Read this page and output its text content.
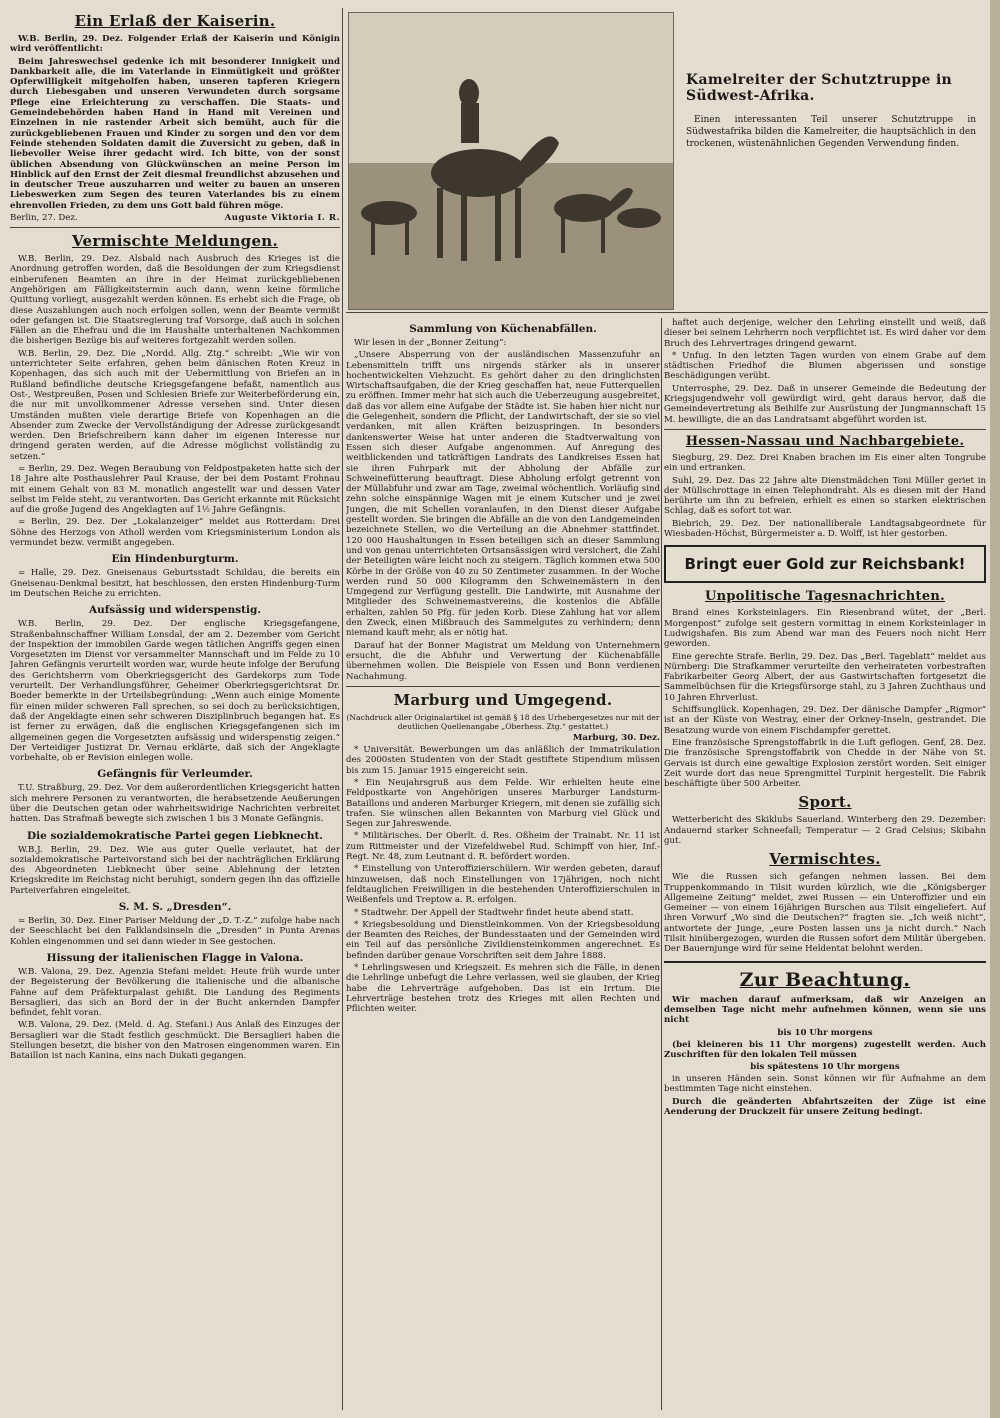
Kamelreiter der Schutztruppe in Südwest-Afrika.

Einen interessanten Teil unserer Schutztruppe in Südwestafrika bilden die Kamelreiter, die hauptsächlich in den trockenen, wüstenähnlichen Gegenden Verwendung finden.

Ein Erlaß der Kaiserin.

W.B. Berlin, 29. Dez. Folgender Erlaß der Kaiserin und Königin wird veröffentlicht:

Beim Jahreswechsel gedenke ich mit besonderer Innigkeit und Dankbarkeit alle, die im Vaterlande in Einmütigkeit und größter Opferwilligkeit mitgeholfen haben, unseren tapferen Kriegern durch Liebesgaben und unseren Verwundeten durch sorgsame Pflege eine Erleichterung zu verschaffen. Die Staats- und Gemeindebehörden haben Hand in Hand mit Vereinen und Einzelnen in nie rastender Arbeit sich bemüht, auch für die zurückgebliebenen Frauen und Kinder zu sorgen und den vor dem Feinde stehenden Soldaten damit die Zuversicht zu geben, daß in liebevoller Weise ihrer gedacht wird. Ich bitte, von der sonst üblichen Absendung von Glückwünschen an meine Person im Hinblick auf den Ernst der Zeit diesmal freundlichst abzusehen und in deutscher Treue auszuharren und weiter zu bauen an unseren Liebeswerken zum Segen des teuren Vaterlandes bis zu einem ehrenvollen Frieden, zu dem uns Gott bald führen möge.

Berlin, 27. Dez.	Auguste Viktoria I. R.
Vermischte Meldungen.

W.B. Berlin, 29. Dez. Alsbald nach Ausbruch des Krieges ist die Anordnung getroffen worden, daß die Besoldungen der zum Kriegsdienst einberufenen Beamten an ihre in der Heimat zurückgebliebenen Angehörigen am Fälligkeitstermin auch dann, wenn keine förmliche Quittung vorliegt, ausgezahlt werden können. Es erhebt sich die Frage, ob diese Auszahlungen auch noch erfolgen sollen, wenn der Beamte vermißt oder gefangen ist. Die Staatsregierung traf Vorsorge, daß auch in solchen Fällen an die Ehefrau und die im Haushalte unterhaltenen Nachkommen die bisherigen Bezüge bis auf weiteres fortgezahlt werden sollen.

W.B. Berlin, 29. Dez. Die „Nordd. Allg. Ztg.“ schreibt: „Wie wir von unterrichteter Seite erfahren, gehen beim dänischen Roten Kreuz in Kopenhagen, das sich auch mit der Uebermittlung von Briefen an in Rußland befindliche deutsche Kriegsgefangene befaßt, namentlich aus Ost-, Westpreußen, Posen und Schlesien Briefe zur Weiterbeförderung ein, die nur mit unvollkommener Adresse versehen sind. Unter diesen Umständen mußten viele derartige Briefe von Kopenhagen an die Absender zum Zwecke der Vervollständigung der Adresse zurückgesandt werden. Den Briefschreibern kann daher im eigenen Interesse nur dringend geraten werden, auf die Adresse möglichst vollständig zu setzen.“

= Berlin, 29. Dez. Wegen Beraubung von Feldpostpaketen hatte sich der 18 Jahre alte Posthauslehrer Paul Krause, der bei dem Postamt Frohnau mit einem Gehalt von 83 M. monatlich angestellt war und dessen Vater selbst im Felde steht, zu verantworten. Das Gericht erkannte mit Rücksicht auf die große Jugend des Angeklagten auf 1½ Jahre Gefängnis.

= Berlin, 29. Dez. Der „Lokalanzeiger“ meldet aus Rotterdam: Drei Söhne des Herzogs von Atholl werden vom Kriegsministerium London als vermundet bezw. vermißt angegeben.

Ein Hindenburgturm.

= Halle, 29. Dez. Gneisenaus Geburtsstadt Schildau, die bereits ein Gneisenau-Denkmal besitzt, hat beschlossen, den ersten Hindenburg-Turm im Deutschen Reiche zu errichten.

Aufsässig und widerspenstig.

W.B. Berlin, 29. Dez. Der englische Kriegsgefangene, Straßenbahnschaffner William Lonsdal, der am 2. Dezember vom Gericht der Inspektion der immobilen Garde wegen tätlichen Angriffs gegen einen Vorgesetzten im Dienst vor versammelter Mannschaft und im Felde zu 10 Jahren Gefängnis verurteilt worden war, wurde heute infolge der Berufung des Gerichtsherrn vom Oberkriegsgericht des Gardekorps zum Tode verurteilt. Der Verhandlungsführer, Geheimer Oberkriegsgerichtsrat Dr. Boeder bemerkte in der Urteilsbegründung: „Wenn auch einige Momente für einen milder schweren Fall sprechen, so sei doch zu berücksichtigen, daß der Angeklagte einen sehr schweren Disziplinbruch begangen hat. Es ist ferner zu erwägen, daß die englischen Kriegsgefangenen sich im allgemeinen gegen die Vorgesetzten aufsässig und widerspenstig zeigen.“ Der Verteidiger Justizrat Dr. Vernau erklärte, daß sich der Angeklagte vorbehalte, ob er Revision einlegen wolle.

Gefängnis für Verleumder.

T.U. Straßburg, 29. Dez. Vor dem außerordentlichen Kriegsgericht hatten sich mehrere Personen zu verantworten, die herabsetzende Aeußerungen über die Deutschen getan oder wahrheitswidrige Nachrichten verbreitet hatten. Das Strafmaß bewegte sich zwischen 1 bis 3 Monate Gefängnis.

Die sozialdemokratische Partei gegen Liebknecht.

W.B.J. Berlin, 29. Dez. Wie aus guter Quelle verlautet, hat der sozialdemokratische Parteivorstand sich bei der nachträglichen Erklärung des Abgeordneten Liebknecht über seine Ablehnung der letzten Kriegskredite im Reichstag nicht beruhigt, sondern gegen ihn das offizielle Parteiverfahren eingeleitet.

S. M. S. „Dresden“.

= Berlin, 30. Dez. Einer Pariser Meldung der „D. T.-Z.“ zufolge habe nach der Seeschlacht bei den Falklandsinseln die „Dresden“ in Punta Arenas Kohlen eingenommen und sei dann wieder in See gestochen.

Hissung der italienischen Flagge in Valona.

W.B. Valona, 29. Dez. Agenzia Stefani meldet: Heute früh wurde unter der Begeisterung der Bevölkerung die italienische und die albanische Fahne auf dem Präfekturpalast gehißt. Die Landung des Regiments Bersaglieri, das sich an Bord der in der Bucht ankernden Dampfer befindet, fehlt voran.

W.B. Valona, 29. Dez. (Meld. d. Ag. Stefani.) Aus Anlaß des Einzuges der Bersaglieri war die Stadt festlich geschmückt. Die Bersaglieri haben die Stellungen besetzt, die bisher von den Matrosen eingenommen waren. Ein Bataillon ist nach Kanina, eins nach Dukati gegangen.

Sammlung von Küchenabfällen.

Wir lesen in der „Bonner Zeitung“:

„Unsere Absperrung von der ausländischen Massenzufuhr an Lebensmitteln trifft uns nirgends stärker als in unserer hochentwickelten Viehzucht. Es gehört daher zu den dringlichsten Wirtschaftsaufgaben, die der Krieg geschaffen hat, neue Futterquellen zu eröffnen. Immer mehr hat sich auch die Ueberzeugung ausgebreitet, daß das vor allem eine Aufgabe der Städte ist. Sie haben hier nicht nur die Gelegenheit, sondern die Pflicht, der Landwirtschaft, der sie so viel verdanken, mit allen Kräften beizuspringen. In besonders dankenswerter Weise hat unter anderen die Stadtverwaltung von Essen sich dieser Aufgabe angenommen. Auf Anregung des weitblickenden und tatkräftigen Landrats des Landkreises Essen hat sie ihren Fuhrpark mit der Abholung der Abfälle zur Schweinefütterung beauftragt. Diese Abholung erfolgt getrennt von der Müllabfuhr und zwar am Tage, zweimal wöchentlich. Vorläufig sind zehn solche einspännige Wagen mit je einem Kutscher und je zwei Jungen, die mit Schellen voranlaufen, in den Dienst dieser Aufgabe gestellt worden. Sie bringen die Abfälle an die von den Landgemeinden bezeichnete Stellen, wo die Verteilung an die Abnehmer stattfindet. 120 000 Haushaltungen in Essen beteiligen sich an dieser Sammlung und von genau unterrichteten Ortsansässigen wird versichert, die Zahl der Beteiligten wäre leicht noch zu steigern. Täglich kommen etwa 500 Körbe in der Größe von 40 zu 50 Zentimeter zusammen. In der Woche werden rund 50 000 Kilogramm den Schweinemästern in den Umgegend zur Verfügung gestellt. Die Landwirte, mit Ausnahme der Mitglieder des Schweinemastvereins, die kostenlos die Abfälle erhalten, zahlen 50 Pfg. für jeden Korb. Diese Zahlung hat vor allem den Zweck, einen Mißbrauch des Sammelgutes zu verhindern; denn niemand kauft mehr, als er nötig hat.

Darauf hat der Bonner Magistrat um Meldung von Unternehmern ersucht, die die Abfuhr und Verwertung der Küchenabfälle übernehmen wollen. Die Beispiele von Essen und Bonn verdienen Nachahmung.

Marburg und Umgegend.

(Nachdruck aller Originalartikel ist gemäß § 18 des Urhebergesetzes nur mit der deutlichen Quellenangabe „Oberhess. Ztg.“ gestattet.)

Marburg, 30. Dez.

* Universität. Bewerbungen um das anläßlich der Immatrikulation des 2000sten Studenten von der Stadt gestiftete Stipendium müssen bis zum 15. Januar 1915 eingereicht sein.

* Ein Neujahrsgruß aus dem Felde. Wir erhielten heute eine Feldpostkarte von Angehörigen unseres Marburger Landsturm-Bataillons und anderen Marburger Kriegern, mit denen sie zufällig sich trafen. Sie wünschen allen Bekannten von Marburg viel Glück und Segen zur Jahreswende.

* Militärisches. Der Oberlt. d. Res. Oßheim der Trainabt. Nr. 11 ist zum Rittmeister und der Vizefeldwebel Rud. Schimpff von hier, Inf.-Regt. Nr. 48, zum Leutnant d. R. befördert worden.

* Einstellung von Unteroffizierschülern. Wir werden gebeten, darauf hinzuweisen, daß noch Einstellungen von 17jährigen, noch nicht feldtauglichen Freiwilligen in die bestehenden Unteroffizierschulen in Weißenfels und Treptow a. R. erfolgen.

* Stadtwehr. Der Appell der Stadtwehr findet heute abend statt.

* Kriegsbesoldung und Dienstleinkommen. Von der Kriegsbesoldung der Beamten des Reiches, der Bundesstaaten und der Gemeinden wird ein Teil auf das persönliche Zivildiensteinkommen angerechnet. Es befinden darüber genaue Vorschriften seit dem Jahre 1888.

* Lehrlingswesen und Kriegszeit. Es mehren sich die Fälle, in denen die Lehrlinge unbefugt die Lehre verlassen, weil sie glauben, der Krieg habe die Lehrverträge aufgehoben. Das ist ein Irrtum. Die Lehrverträge bestehen trotz des Krieges mit allen Rechten und Pflichten weiter.

haftet auch derjenige, welcher den Lehrling einstellt und weiß, daß dieser bei seinem Lehrherrn noch verpflichtet ist. Es wird daher vor dem Bruch des Lehrvertrages dringend gewarnt.

* Unfug. In den letzten Tagen wurden von einem Grabe auf dem städtischen Friedhof die Blumen abgerissen und sonstige Beschädigungen verübt.

Unterrosphe, 29. Dez. Daß in unserer Gemeinde die Bedeutung der Kriegsjugendwehr voll gewürdigt wird, geht daraus hervor, daß die Gemeindevertretung als Beihilfe zur Ausrüstung der Jungmannschaft 15 M. bewilligte, die an das Landratsamt abgeführt worden ist.

Hessen-Nassau und Nachbargebiete.

Siegburg, 29. Dez. Drei Knaben brachen im Eis einer alten Tongrube ein und ertranken.

Suhl, 29. Dez. Das 22 Jahre alte Dienstmädchen Toni Müller geriet in der Müllschrottage in einen Telephondraht. Als es diesen mit der Hand berührte um ihn zu befreien, erhielt es einen so starken elektrischen Schlag, daß es sofort tot war.

Biebrich, 29. Dez. Der nationalliberale Landtagsabgeordnete für Wiesbaden-Höchst, Bürgermeister a. D. Wolff, ist hier gestorben.

Bringt euer Gold zur Reichsbank!
Unpolitische Tagesnachrichten.

Brand eines Korksteinlagers. Ein Riesenbrand wütet, der „Berl. Morgenpost“ zufolge seit gestern vormittag in einem Korksteinlager in Ludwigshafen. Bis zum Abend war man des Feuers noch nicht Herr geworden.

Eine gerechte Strafe. Berlin, 29. Dez. Das „Berl. Tageblatt“ meldet aus Nürnberg: Die Strafkammer verurteilte den verheirateten vorbestraften Fabrikarbeiter Georg Albert, der aus Gastwirtschaften fortgesetzt die Sammelbüchsen für die Kriegsfürsorge stahl, zu 3 Jahren Zuchthaus und 10 Jahren Ehrverlust.

Schiffsunglück. Kopenhagen, 29. Dez. Der dänische Dampfer „Rigmor“ ist an der Küste von Westray, einer der Orkney-Inseln, gestrandet. Die Besatzung wurde von einem Fischdampfer gerettet.

Eine französische Sprengstoffabrik in die Luft geflogen. Genf, 28. Dez. Die französische Sprengstoffabrik von Chedde in der Nähe von St. Gervais ist durch eine gewaltige Explosion zerstört worden. Seit einiger Zeit wurde dort das neue Sprengmittel Turpinit hergestellt. Die Fabrik beschäftigte über 500 Arbeiter.

Sport.

Wetterbericht des Skiklubs Sauerland. Winterberg den 29. Dezember: Andauernd starker Schneefall; Temperatur — 2 Grad Celsius; Skibahn gut.

Vermischtes.

Wie die Russen sich gefangen nehmen lassen. Bei dem Truppenkommando in Tilsit wurden kürzlich, wie die „Königsberger Allgemeine Zeitung“ meldet, zwei Russen — ein Unteroffizier und ein Gemeiner — von einem 16jährigen Burschen aus Tilsit eingeliefert. Auf ihren Vorwurf „Wo sind die Deutschen?“ fragten sie. „Ich weiß nicht“, antwortete der Junge, „eure Posten lassen uns ja nicht durch.“ Nach Tilsit hinübergezogen, wurden die Russen sofort dem Militär übergeben. Der Bauernjunge wird für seine Heldentat belohnt werden.

Zur Beachtung.

Wir machen darauf aufmerksam, daß wir Anzeigen an demselben Tage nicht mehr aufnehmen können, wenn sie uns nicht

bis 10 Uhr morgens

(bei kleineren bis 11 Uhr morgens) zugestellt werden. Auch Zuschriften für den lokalen Teil müssen

bis spätestens 10 Uhr morgens

in unseren Händen sein. Sonst können wir für Aufnahme an dem bestimmten Tage nicht einstehen.

Durch die geänderten Abfahrtszeiten der Züge ist eine Aenderung der Druckzeit für unsere Zeitung bedingt.
